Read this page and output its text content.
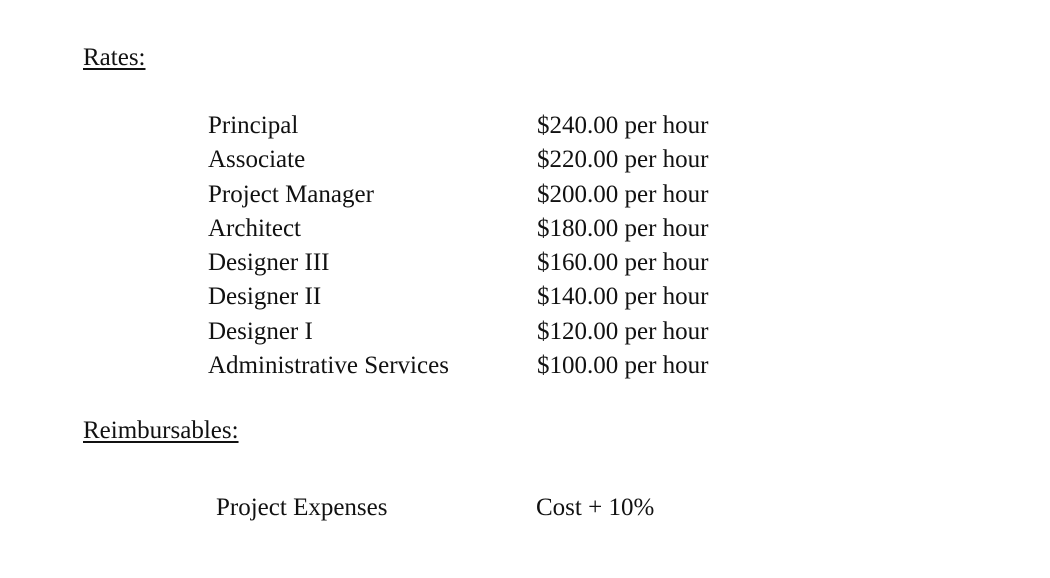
Rates:
Principal	$240.00 per hour
Associate	$220.00 per hour
Project Manager	$200.00 per hour
Architect	$180.00 per hour
Designer III	$160.00 per hour
Designer II	$140.00 per hour
Designer I	$120.00 per hour
Administrative Services	$100.00 per hour
Reimbursables:
Project Expenses	Cost + 10%
